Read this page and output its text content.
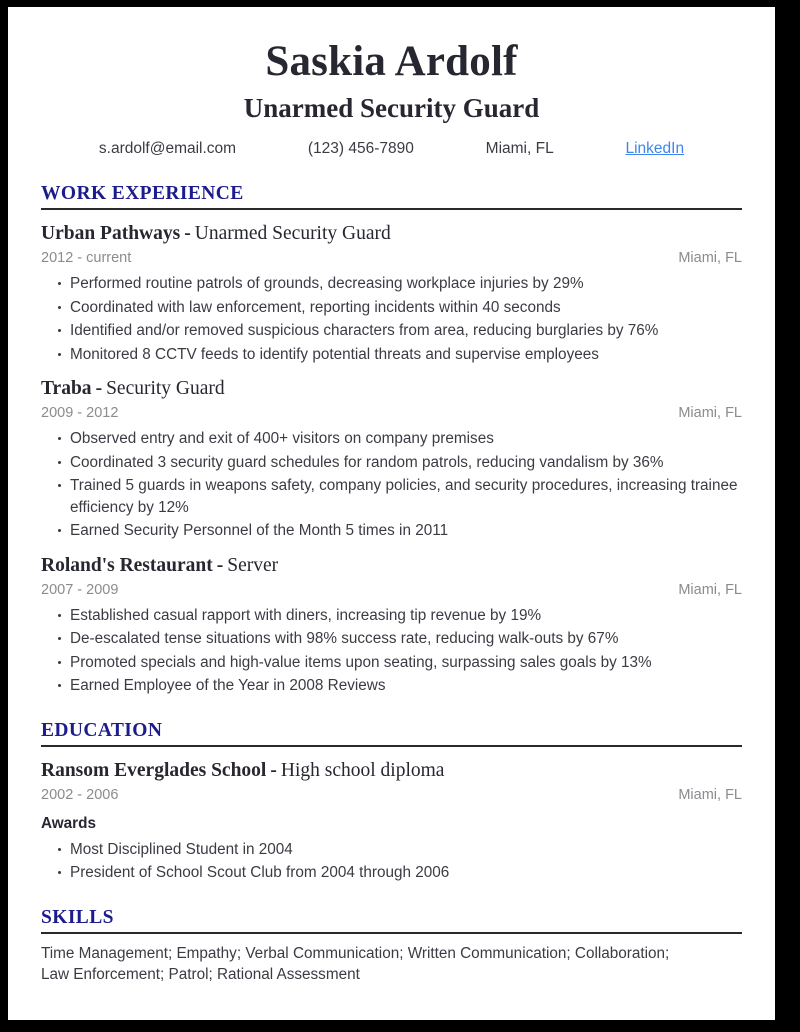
Saskia Ardolf
Unarmed Security Guard
s.ardolf@email.com	(123) 456-7890	Miami, FL	LinkedIn
WORK EXPERIENCE

Urban Pathways - Unarmed Security Guard

2012 - current	Miami, FL
Performed routine patrols of grounds, decreasing workplace injuries by 29%
Coordinated with law enforcement, reporting incidents within 40 seconds
Identified and/or removed suspicious characters from area, reducing burglaries by 76%
Monitored 8 CCTV feeds to identify potential threats and supervise employees

Traba - Security Guard

2009 - 2012	Miami, FL
Observed entry and exit of 400+ visitors on company premises
Coordinated 3 security guard schedules for random patrols, reducing vandalism by 36%
Trained 5 guards in weapons safety, company policies, and security procedures, increasing trainee efficiency by 12%
Earned Security Personnel of the Month 5 times in 2011

Roland's Restaurant - Server

2007 - 2009	Miami, FL
Established casual rapport with diners, increasing tip revenue by 19%
De-escalated tense situations with 98% success rate, reducing walk-outs by 67%
Promoted specials and high-value items upon seating, surpassing sales goals by 13%
Earned Employee of the Year in 2008 Reviews
EDUCATION

Ransom Everglades School - High school diploma

2002 - 2006	Miami, FL

Awards

Most Disciplined Student in 2004
President of School Scout Club from 2004 through 2006
SKILLS

Time Management; Empathy; Verbal Communication; Written Communication; Collaboration; Law Enforcement; Patrol; Rational Assessment
